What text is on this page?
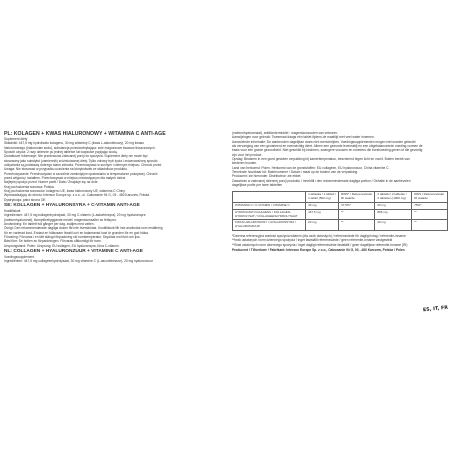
PL: KOLAGEN + KWAS HIALURONOWY + WITAMINA C ANTI-AGE

Suplement diety

Składniki: 447,5 mg hydrolizatu kolagenu, 30 mg witaminy C (kwas L-askorbinowy), 20 mg kwasu

hialuronowego (hialuronian sodu), substancja przeciwzbrylająca: sole magnezowe kwasów tłuszczowych.

Sposób użycia: 2 razy dziennie po jednej tabletce lub kapsułce popijając wodą.

Dodatkowe informacje: Nie przekraczać zalecanej porcji do spożycia. Suplement diety nie może być

stosowany jako substytut (zamiennik) zróżnicowanej diety. Tylko zdrowy tryb życia i zrównoważony sposób

odżywiania są podstawą dobrego stanu zdrowia. Przechowywać w suchym i ciemnym miejscu. Chronić przed

Uwaga: Nie stosować w przypadku uczulenia na którykolwiek ze składników produktu.

Przechowywanie: Przechowywać w szczelnie zamkniętym opakowaniu w temperaturze pokojowej. Chronić

przed wilgocią i światłem. Przechowywać w miejscu niedostępnym dla małych dzieci.

Najlepiej spożyć przed: Numer partii / Data / Znajduje się na dnie.

Kraj pochodzenia surowca: Polska.

Kraj pochodzenia surowców: kolagenu UE, kwas hialuronowy UE, witamina C Chiny.

Wprowadzający do obrotu: Intersun Europe sp. z o.o., ul. Cakowanie 94 G, 03 - 480 Karczew, Polska

Dystrybucja: patrz strona OE

SE: KOLLAGEN + HYALURONSYRA + C-VITAMIN ANTI-AGE

Kosttillskott

Ingredienser: 447,5 mg kollagenhydrolysat, 30 mg C-vitamin (L-askorbinsyra), 20 mg hyaluronsyra

(natriumhyaluronat), klumpförebyggande medel: magnesiumsalter av fettsyror.

Användning: En tablett två gånger per dag, sväljes med vatten.

Övrigt: Den rekommenderade dagliga dosen får inte överskridas. Kosttillskott får inte användas som ersättning

för en varierad kost. Endast en hälsosam livsstil och en balanserad kost är grunden för en god hälsa.

Förvaring: Förvaras i en tätt stängd förpackning vid rumstemperatur. Skyddas mot fukt och ljus.

Bäst före: Se botten av förpackningen. Förvaras oåtkomligt för barn.

Ursprungsland: Polen. Ursprung: EU kollagen, EU hyaluronsyra, Kina C-vitamin.

NL: COLLAGEN + HYALURONZUUR + VITAMINE C ANTI-AGE

Voedingssupplement

Ingrediënten: 447,5 mg collageenhydrolysaat, 30 mg vitamine C (L-ascorbinezuur), 20 mg hyaluronzuur

(natriumhyaluronaat), antiklontermiddel : magnesiumzouten van vetzuren.

Aanwijzingen voor gebruik: Tweemaal daags één tablet tijdens de maaltijd met veel water innemen.

Aanvullende informatie: De aanbevolen dagelijkse dosis niet overschrijden. Voedingssupplementen mogen niet worden gebruikt

als vervanging van een gevarieerd en evenwichtig dieet. Alleen een gezonde levensstijl en een uitgebalanceerde voeding vormen de

basis voor een goede gezondheid. Niet geschikt bij kinderen, zwangere vrouwen en moeders die borstvoeding geven of die gevoelig

zijn voor het product.

Opslag: Bewaren in een goed gesloten verpakking bij kamertemperatuur, beschermd tegen licht en vocht. Buiten bereik van

kinderen houden.

Land van herkomst: Polen. Herkomst van de grondstoffen: EU collageen, EU hyaluronzuur, China vitamine C.

Tenminste houdbaar tot: Batchnummer / Datum / staat op de bodem van de verpakking.

Producent: zie hieronder. Distributeur: zie etiket.

Zawartość w zalecanej dziennej porcji produktu / Innehåll i den rekommenderade dagliga portion / Gehalte in de aanbevolen

dagelijkse portie per twee tabletten

	1 tabletka / 1 tablett / 1 tablet (500 mg)	RWS* / Referensvärde/ RI waarde	2 tabletki / 2 tabletter / 2 tabletten (1000 mg)	RWS / Referensvärde/ RI waarde
WITAMINA C / C-VITAMIN / VITAMINE C	30 mg	37,5%*	60 mg	75%*
HYDROLIZAT KOLAGENU / KOLLAGEN-HYDROLYSAT / COLLAGEENHYDROLYSAAT	447,5 mg	**	895 mg	**
KWAS HIALURONOWY / HYALURONSYRA / HYALURONZUUR	20 mg	**	40 mg	**

*Dzienna referencyjna wartość spożycia witamin (dla osób dorosłych) / referensvärde för dagligt intag / referentie-inname

**brak ustalonych norm dziennego spożycia / inget fastställt referensvärde / geen referentie-inname vastgesteld

**Brak ustalonych norm dziennego spożycia / inget dagligt referensvärde fastställt / geen dagelijkse referentie-inname (RI)

Producent / Tillverkare / Fabrikant: Intersun Europe Sp. z o.o., Cakowanie 94 G, 03 - 480 Karczew, Polska / Polen

ES, IT, FR
